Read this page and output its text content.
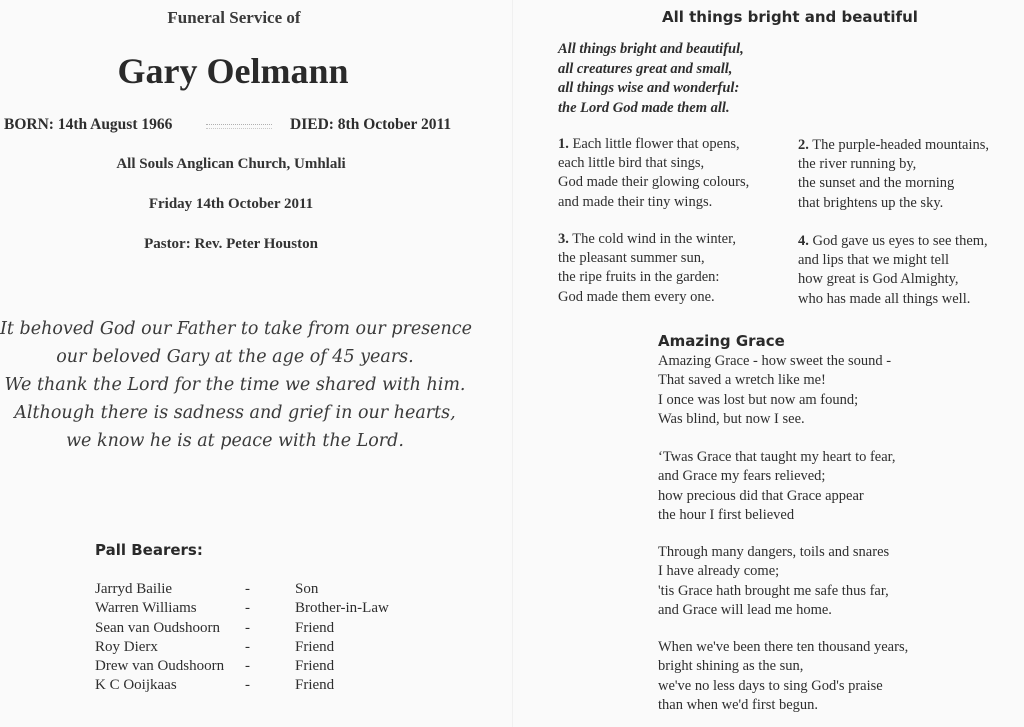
Funeral Service of
Gary Oelmann
BORN: 14th August 1966	DIED: 8th October 2011
All Souls Anglican Church, Umhlali
Friday 14th October 2011
Pastor: Rev. Peter Houston
It behoved God our Father to take from our presence
our beloved Gary at the age of 45 years.
We thank the Lord for the time we shared with him.
Although there is sadness and grief in our hearts,
we know he is at peace with the Lord.
Pall Bearers:
Jarryd Bailie	-	Son
Warren Williams	-	Brother-in-Law
Sean van Oudshoorn -	Friend
Roy Dierx	-	Friend
Drew van Oudshoorn -	Friend
K C Ooijkaas	-	Friend
All things bright and beautiful
All things bright and beautiful,
all creatures great and small,
all things wise and wonderful:
the Lord God made them all.
1. Each little flower that opens,
each little bird that sings,
God made their glowing colours,
and made their tiny wings.
2. The purple-headed mountains,
the river running by,
the sunset and the morning
that brightens up the sky.
3. The cold wind in the winter,
the pleasant summer sun,
the ripe fruits in the garden:
God made them every one.
4. God gave us eyes to see them,
and lips that we might tell
how great is God Almighty,
who has made all things well.
Amazing Grace
Amazing Grace - how sweet the sound -
That saved a wretch like me!
I once was lost but now am found;
Was blind, but now I see.
‘Twas Grace that taught my heart to fear,
and Grace my fears relieved;
how precious did that Grace appear
the hour I first believed
Through many dangers, toils and snares
I have already come;
'tis Grace hath brought me safe thus far,
and Grace will lead me home.
When we've been there ten thousand years,
bright shining as the sun,
we've no less days to sing God's praise
than when we'd first begun.
